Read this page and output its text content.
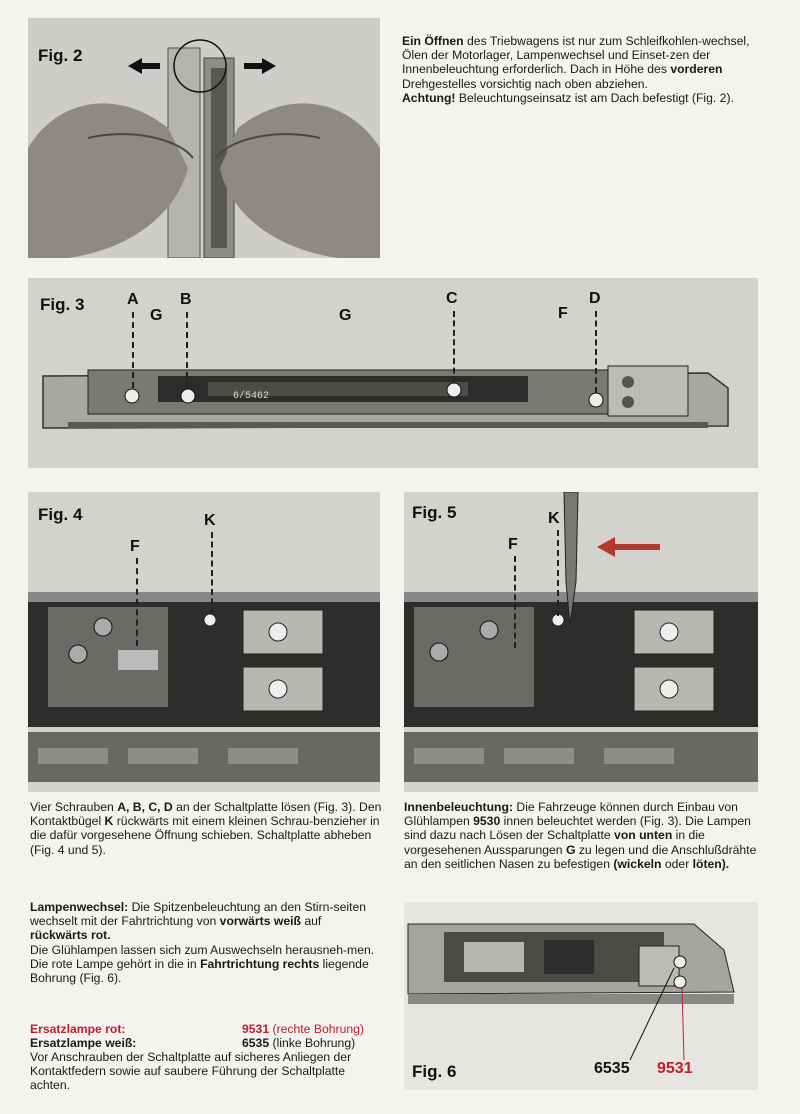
Fig. 2
Ein Öffnen des Triebwagens ist nur zum Schleifkohlen-wechsel, Ölen der Motorlager, Lampenwechsel und Einset-zen der Innenbeleuchtung erforderlich. Dach in Höhe des vorderen Drehgestelles vorsichtig nach oben abziehen.
Achtung! Beleuchtungseinsatz ist am Dach befestigt (Fig. 2).
6/5462
Fig. 3	A	B	C	D
G	G	F
Fig. 4	K
F
Fig. 5	K
F
Vier Schrauben A, B, C, D an der Schaltplatte lösen (Fig. 3). Den Kontaktbügel K rückwärts mit einem kleinen Schrau-benzieher in die dafür vorgesehene Öffnung schieben. Schaltplatte abheben (Fig. 4 und 5).
Innenbeleuchtung: Die Fahrzeuge können durch Einbau von Glühlampen 9530 innen beleuchtet werden (Fig. 3). Die Lampen sind dazu nach Lösen der Schaltplatte von unten in die vorgesehenen Aussparungen G zu legen und die Anschlußdrähte an den seitlichen Nasen zu befestigen (wickeln oder löten).
Lampenwechsel: Die Spitzenbeleuchtung an den Stirn-seiten wechselt mit der Fahrtrichtung von vorwärts weiß auf rückwärts rot.
Die Glühlampen lassen sich zum Auswechseln herausneh-men. Die rote Lampe gehört in die in Fahrtrichtung rechts liegende Bohrung (Fig. 6).
Ersatzlampe rot:	9531 (rechte Bohrung)
Ersatzlampe weiß:	6535 (linke Bohrung)
Vor Anschrauben der Schaltplatte auf sicheres Anliegen der Kontaktfedern sowie auf saubere Führung der Schaltplatte achten.
Fig. 6	6535 9531
